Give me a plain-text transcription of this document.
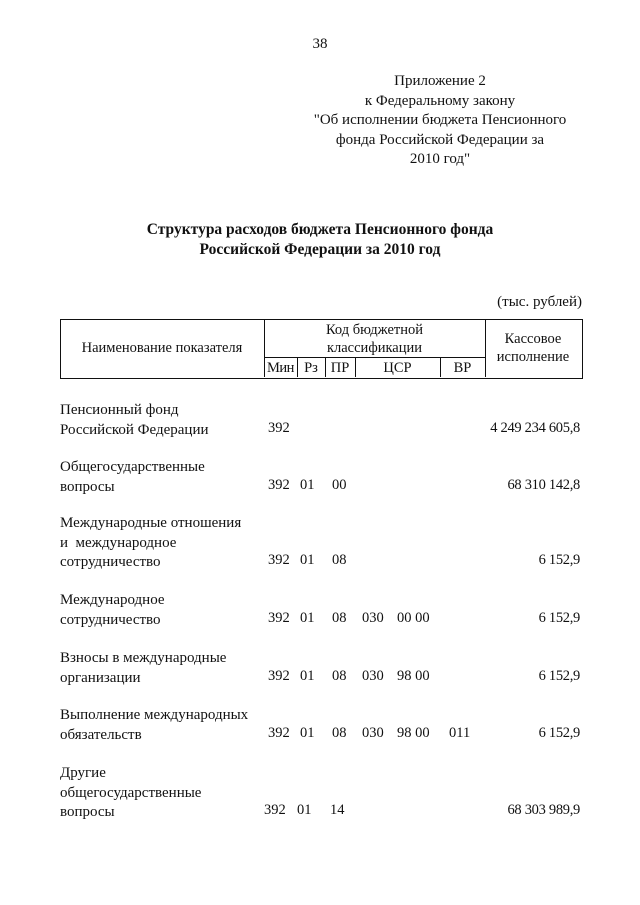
38
Приложение 2
к Федеральному закону
"Об исполнении бюджета Пенсионного
фонда Российской Федерации за
2010 год"
Структура расходов бюджета Пенсионного фонда
Российской Федерации за 2010 год
(тыс. рублей)
Наименование показателя
Код бюджетной
классификации
Кассовое
исполнение
Мин Рз ПР	ЦСР	ВР
Пенсионный фонд
Российской Федерации	392	4 249 234 605,8
Общегосударственные
вопросы	392 01 00	68 310 142,8
Международные отношения
и  международное
сотрудничество	392 01 08	6 152,9
Международное
сотрудничество	392 01 08 030 00 00	6 152,9
Взносы в международные
организации	392 01 08 030 98 00	6 152,9
Выполнение международных
обязательств	392 01 08 030 98 00 011	6 152,9
Другие
общегосударственные
вопросы	392 01 14	68 303 989,9
